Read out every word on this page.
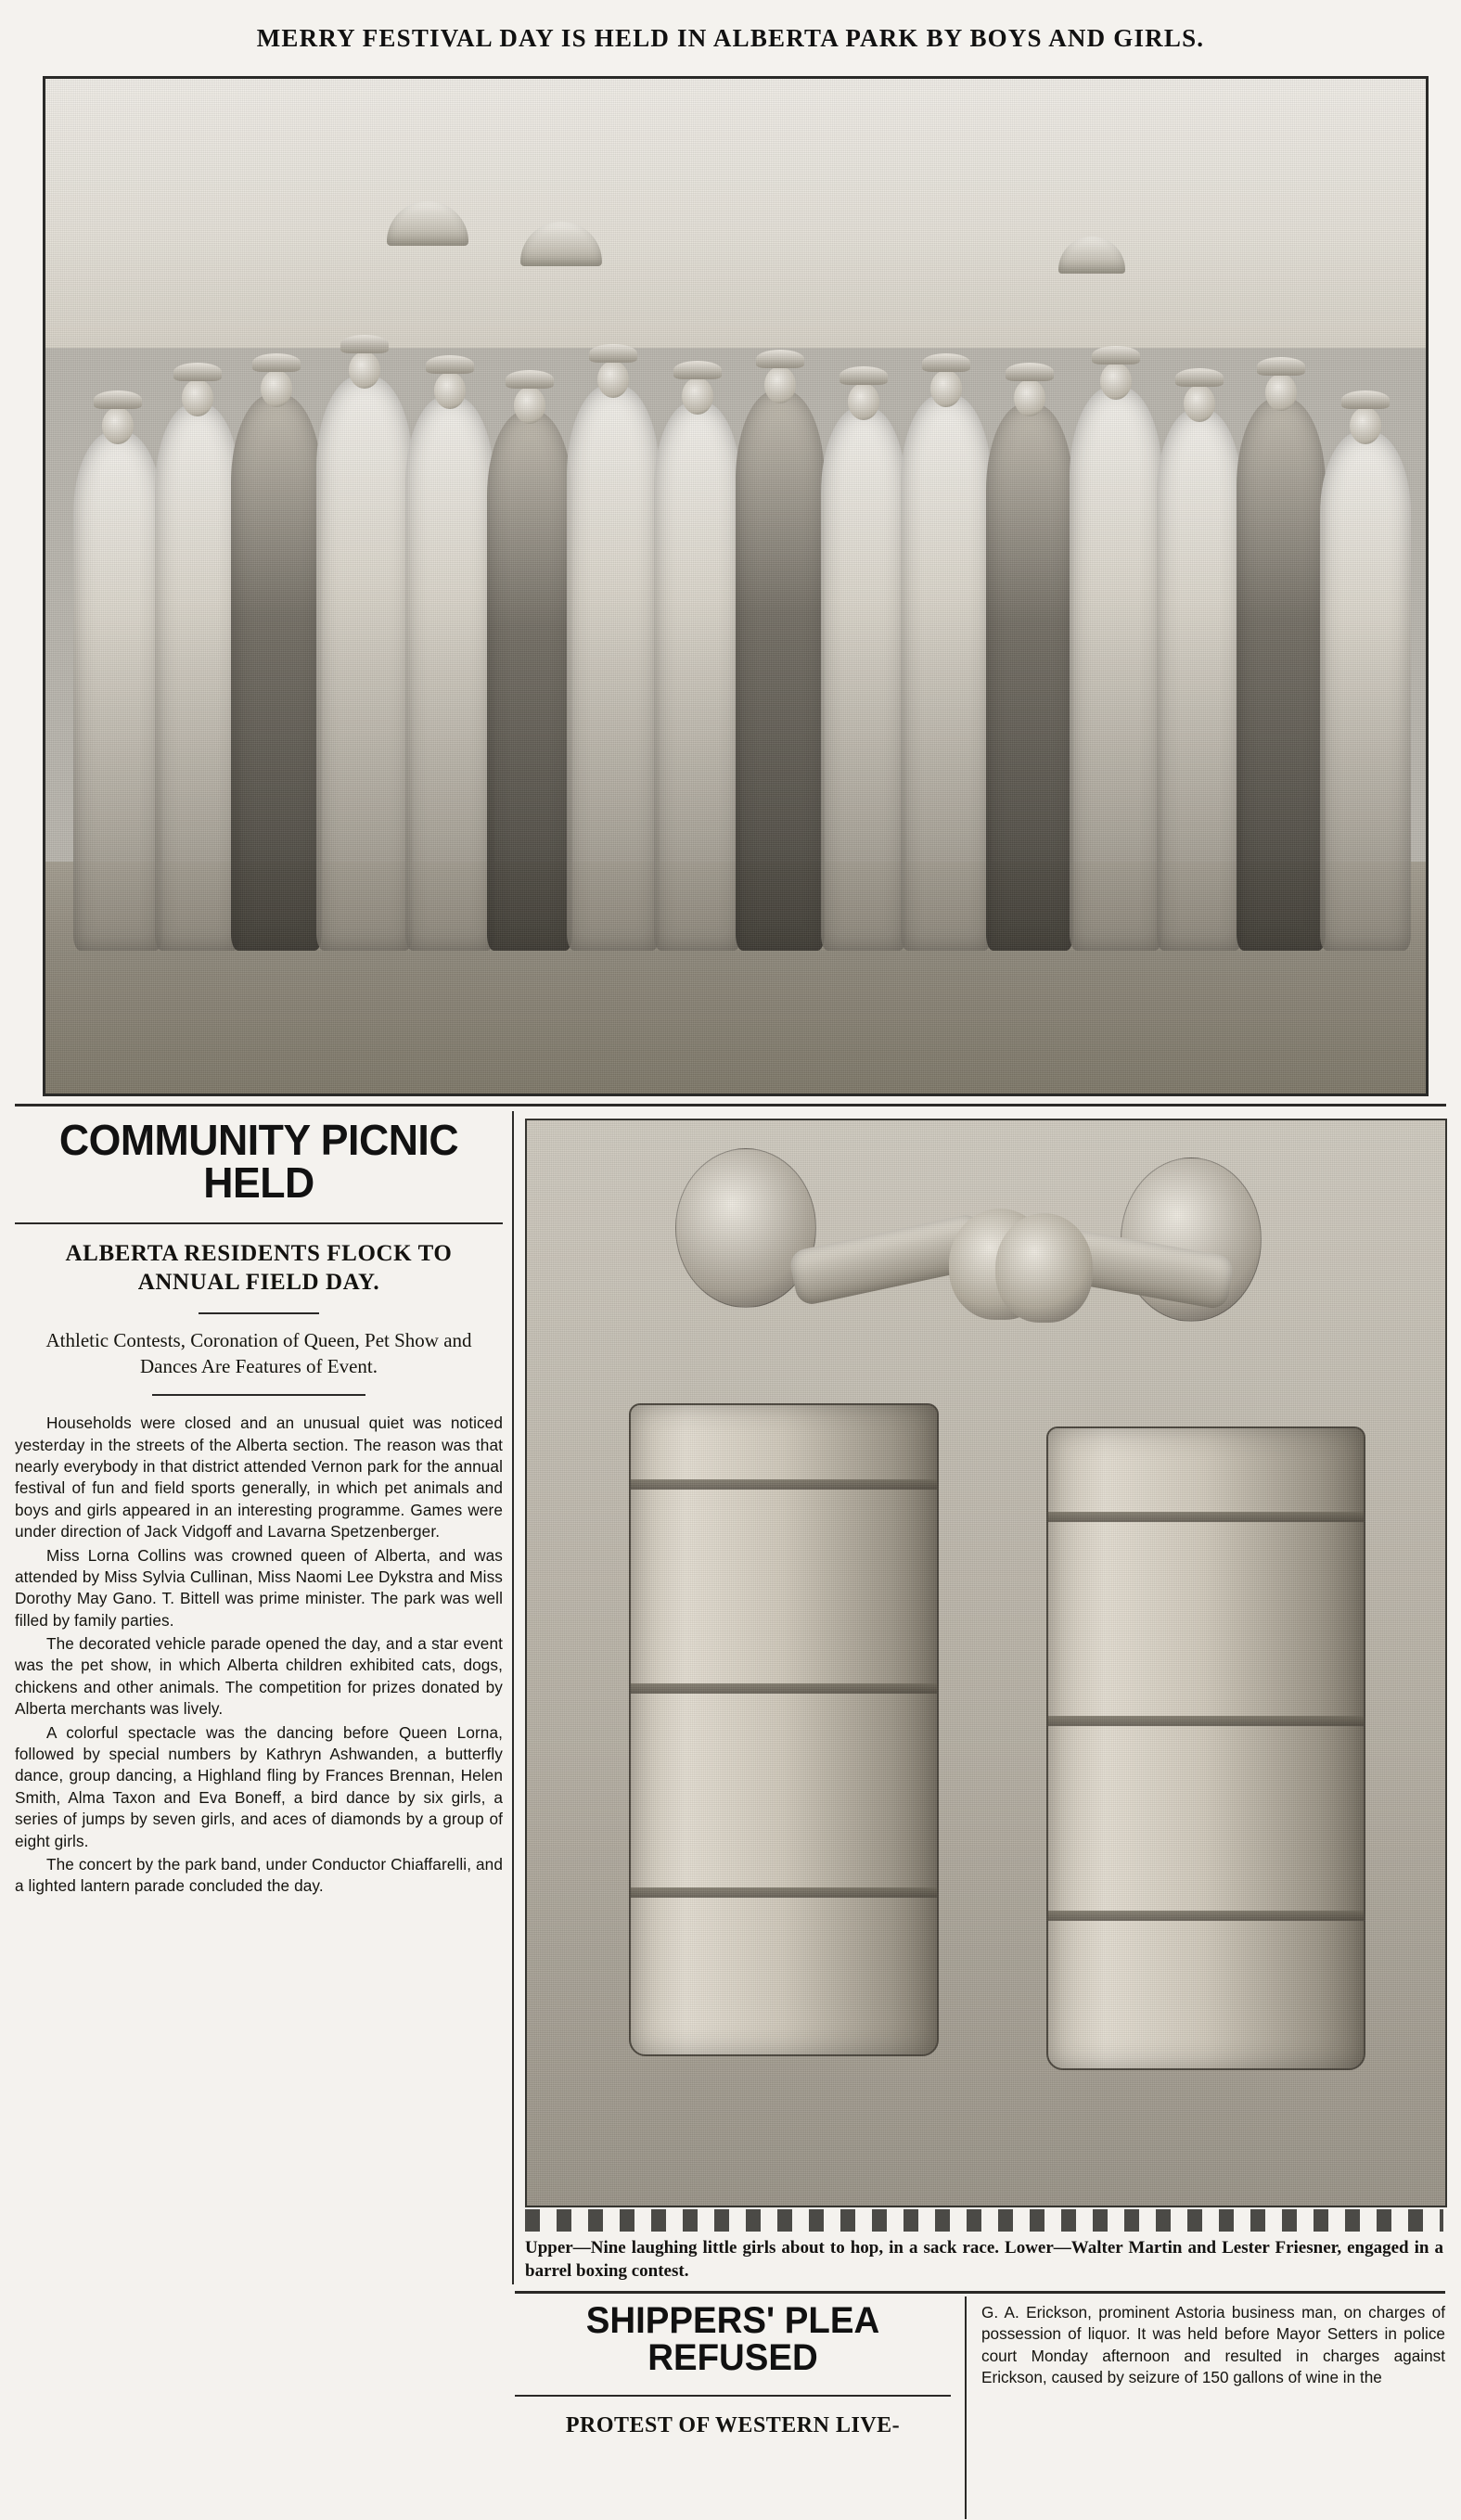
MERRY FESTIVAL DAY IS HELD IN ALBERTA PARK BY BOYS AND GIRLS.
COMMUNITY PICNIC HELD
ALBERTA RESIDENTS FLOCK TO ANNUAL FIELD DAY.
Athletic Contests, Coronation of Queen, Pet Show and Dances Are Features of Event.

Households were closed and an unusual quiet was noticed yesterday in the streets of the Alberta section. The reason was that nearly everybody in that district attended Vernon park for the annual festival of fun and field sports generally, in which pet animals and boys and girls appeared in an interesting programme. Games were under direction of Jack Vidgoff and Lavarna Spetzenberger.

Miss Lorna Collins was crowned queen of Alberta, and was attended by Miss Sylvia Cullinan, Miss Naomi Lee Dykstra and Miss Dorothy May Gano. T. Bittell was prime minister. The park was well filled by family parties.

The decorated vehicle parade opened the day, and a star event was the pet show, in which Alberta children exhibited cats, dogs, chickens and other animals. The competition for prizes donated by Alberta merchants was lively.

A colorful spectacle was the dancing before Queen Lorna, followed by special numbers by Kathryn Ashwanden, a butterfly dance, group dancing, a Highland fling by Frances Brennan, Helen Smith, Alma Taxon and Eva Boneff, a bird dance by six girls, a series of jumps by seven girls, and aces of diamonds by a group of eight girls.

The concert by the park band, under Conductor Chiaffarelli, and a lighted lantern parade concluded the day.

Upper—Nine laughing little girls about to hop, in a sack race. Lower—Walter Martin and Lester Friesner, engaged in a barrel boxing contest.
SHIPPERS' PLEA REFUSED
PROTEST OF WESTERN LIVE-

G. A. Erickson, prominent Astoria business man, on charges of possession of liquor. It was held before Mayor Setters in police court Monday afternoon and resulted in charges against Erickson, caused by seizure of 150 gallons of wine in the
